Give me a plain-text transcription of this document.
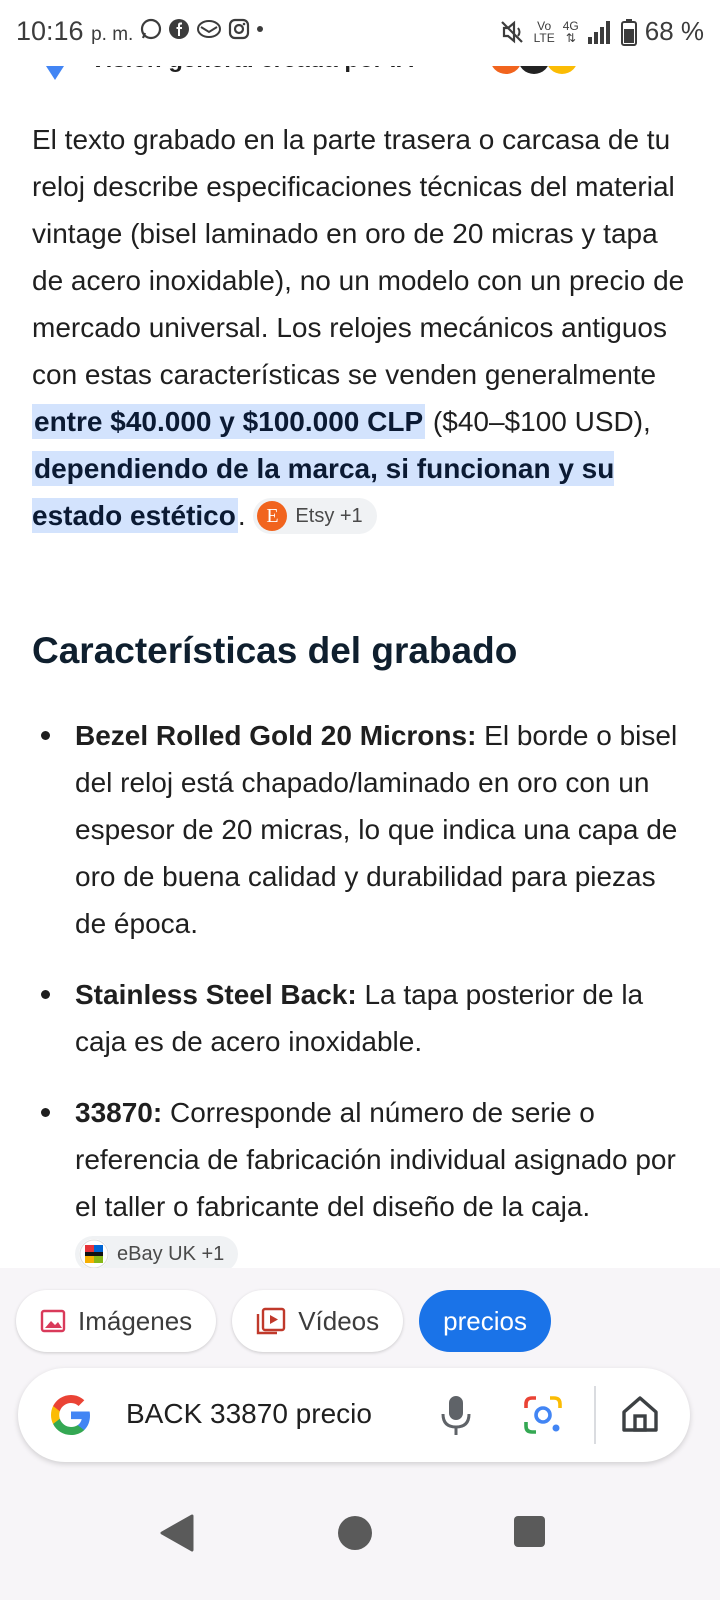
10:16 p. m.	Vo
LTE
4G
⇅	68 %

El texto grabado en la parte trasera o carcasa de tu reloj describe especificaciones técnicas del material vintage (bisel laminado en oro de 20 micras y tapa de acero inoxidable), no un modelo con un precio de mercado universal. Los relojes mecánicos antiguos con estas características se venden generalmente entre $40.000 y $100.000 CLP ($40–$100 USD), dependiendo de la marca, si funcionan y su estado estético.	E Etsy +1

Características del grabado
Bezel Rolled Gold 20 Microns: El borde o bisel del reloj está chapado/laminado en oro con un espesor de 20 micras, lo que indica una capa de oro de buena calidad y durabilidad para piezas de época.
Stainless Steel Back: La tapa posterior de la caja es de acero inoxidable.
33870: Corresponde al número de serie o referencia de fabricación individual asignado por el taller o fabricante del diseño de la caja.
eBay UK +1
Imágenes	Vídeos precios
BACK 33870 precio
